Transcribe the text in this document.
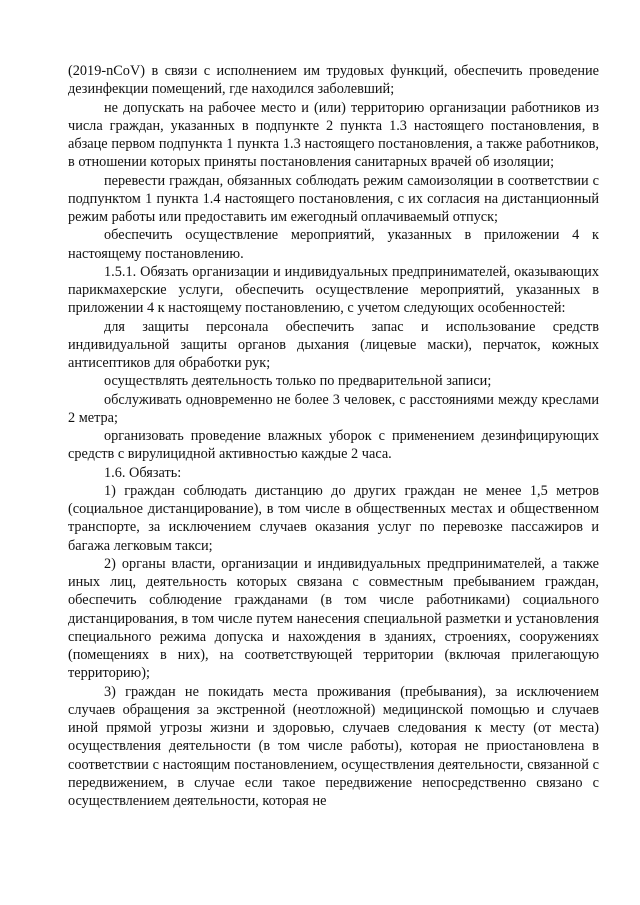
(2019-nCoV) в связи с исполнением им трудовых функций, обеспечить проведение дезинфекции помещений, где находился заболевший;

не допускать на рабочее место и (или) территорию организации работников из числа граждан, указанных в подпункте 2 пункта 1.3 настоящего постановления, в абзаце первом подпункта 1 пункта 1.3 настоящего постановления, а также работников, в отношении которых приняты постановления санитарных врачей об изоляции;

перевести граждан, обязанных соблюдать режим самоизоляции в соответствии с подпунктом 1 пункта 1.4 настоящего постановления, с их согласия на дистанционный режим работы или предоставить им ежегодный оплачиваемый отпуск;

обеспечить осуществление мероприятий, указанных в приложении 4 к настоящему постановлению.

1.5.1. Обязать организации и индивидуальных предпринимателей, оказывающих парикмахерские услуги, обеспечить осуществление мероприятий, указанных в приложении 4 к настоящему постановлению, с учетом следующих особенностей:

для защиты персонала обеспечить запас и использование средств индивидуальной защиты органов дыхания (лицевые маски), перчаток, кожных антисептиков для обработки рук;

осуществлять деятельность только по предварительной записи;

обслуживать одновременно не более 3 человек, с расстояниями между креслами 2 метра;

организовать проведение влажных уборок с применением дезинфицирующих средств с вирулицидной активностью каждые 2 часа.

1.6. Обязать:

1) граждан соблюдать дистанцию до других граждан не менее 1,5 метров (социальное дистанцирование), в том числе в общественных местах и общественном транспорте, за исключением случаев оказания услуг по перевозке пассажиров и багажа легковым такси;

2) органы власти, организации и индивидуальных предпринимателей, а также иных лиц, деятельность которых связана с совместным пребыванием граждан, обеспечить соблюдение гражданами (в том числе работниками) социального дистанцирования, в том числе путем нанесения специальной разметки и установления специального режима допуска и нахождения в зданиях, строениях, сооружениях (помещениях в них), на соответствующей территории (включая прилегающую территорию);

3) граждан не покидать места проживания (пребывания), за исключением случаев обращения за экстренной (неотложной) медицинской помощью и случаев иной прямой угрозы жизни и здоровью, случаев следования к месту (от места) осуществления деятельности (в том числе работы), которая не приостановлена в соответствии с настоящим постановлением, осуществления деятельности, связанной с передвижением, в случае если такое передвижение непосредственно связано с осуществлением деятельности, которая не
